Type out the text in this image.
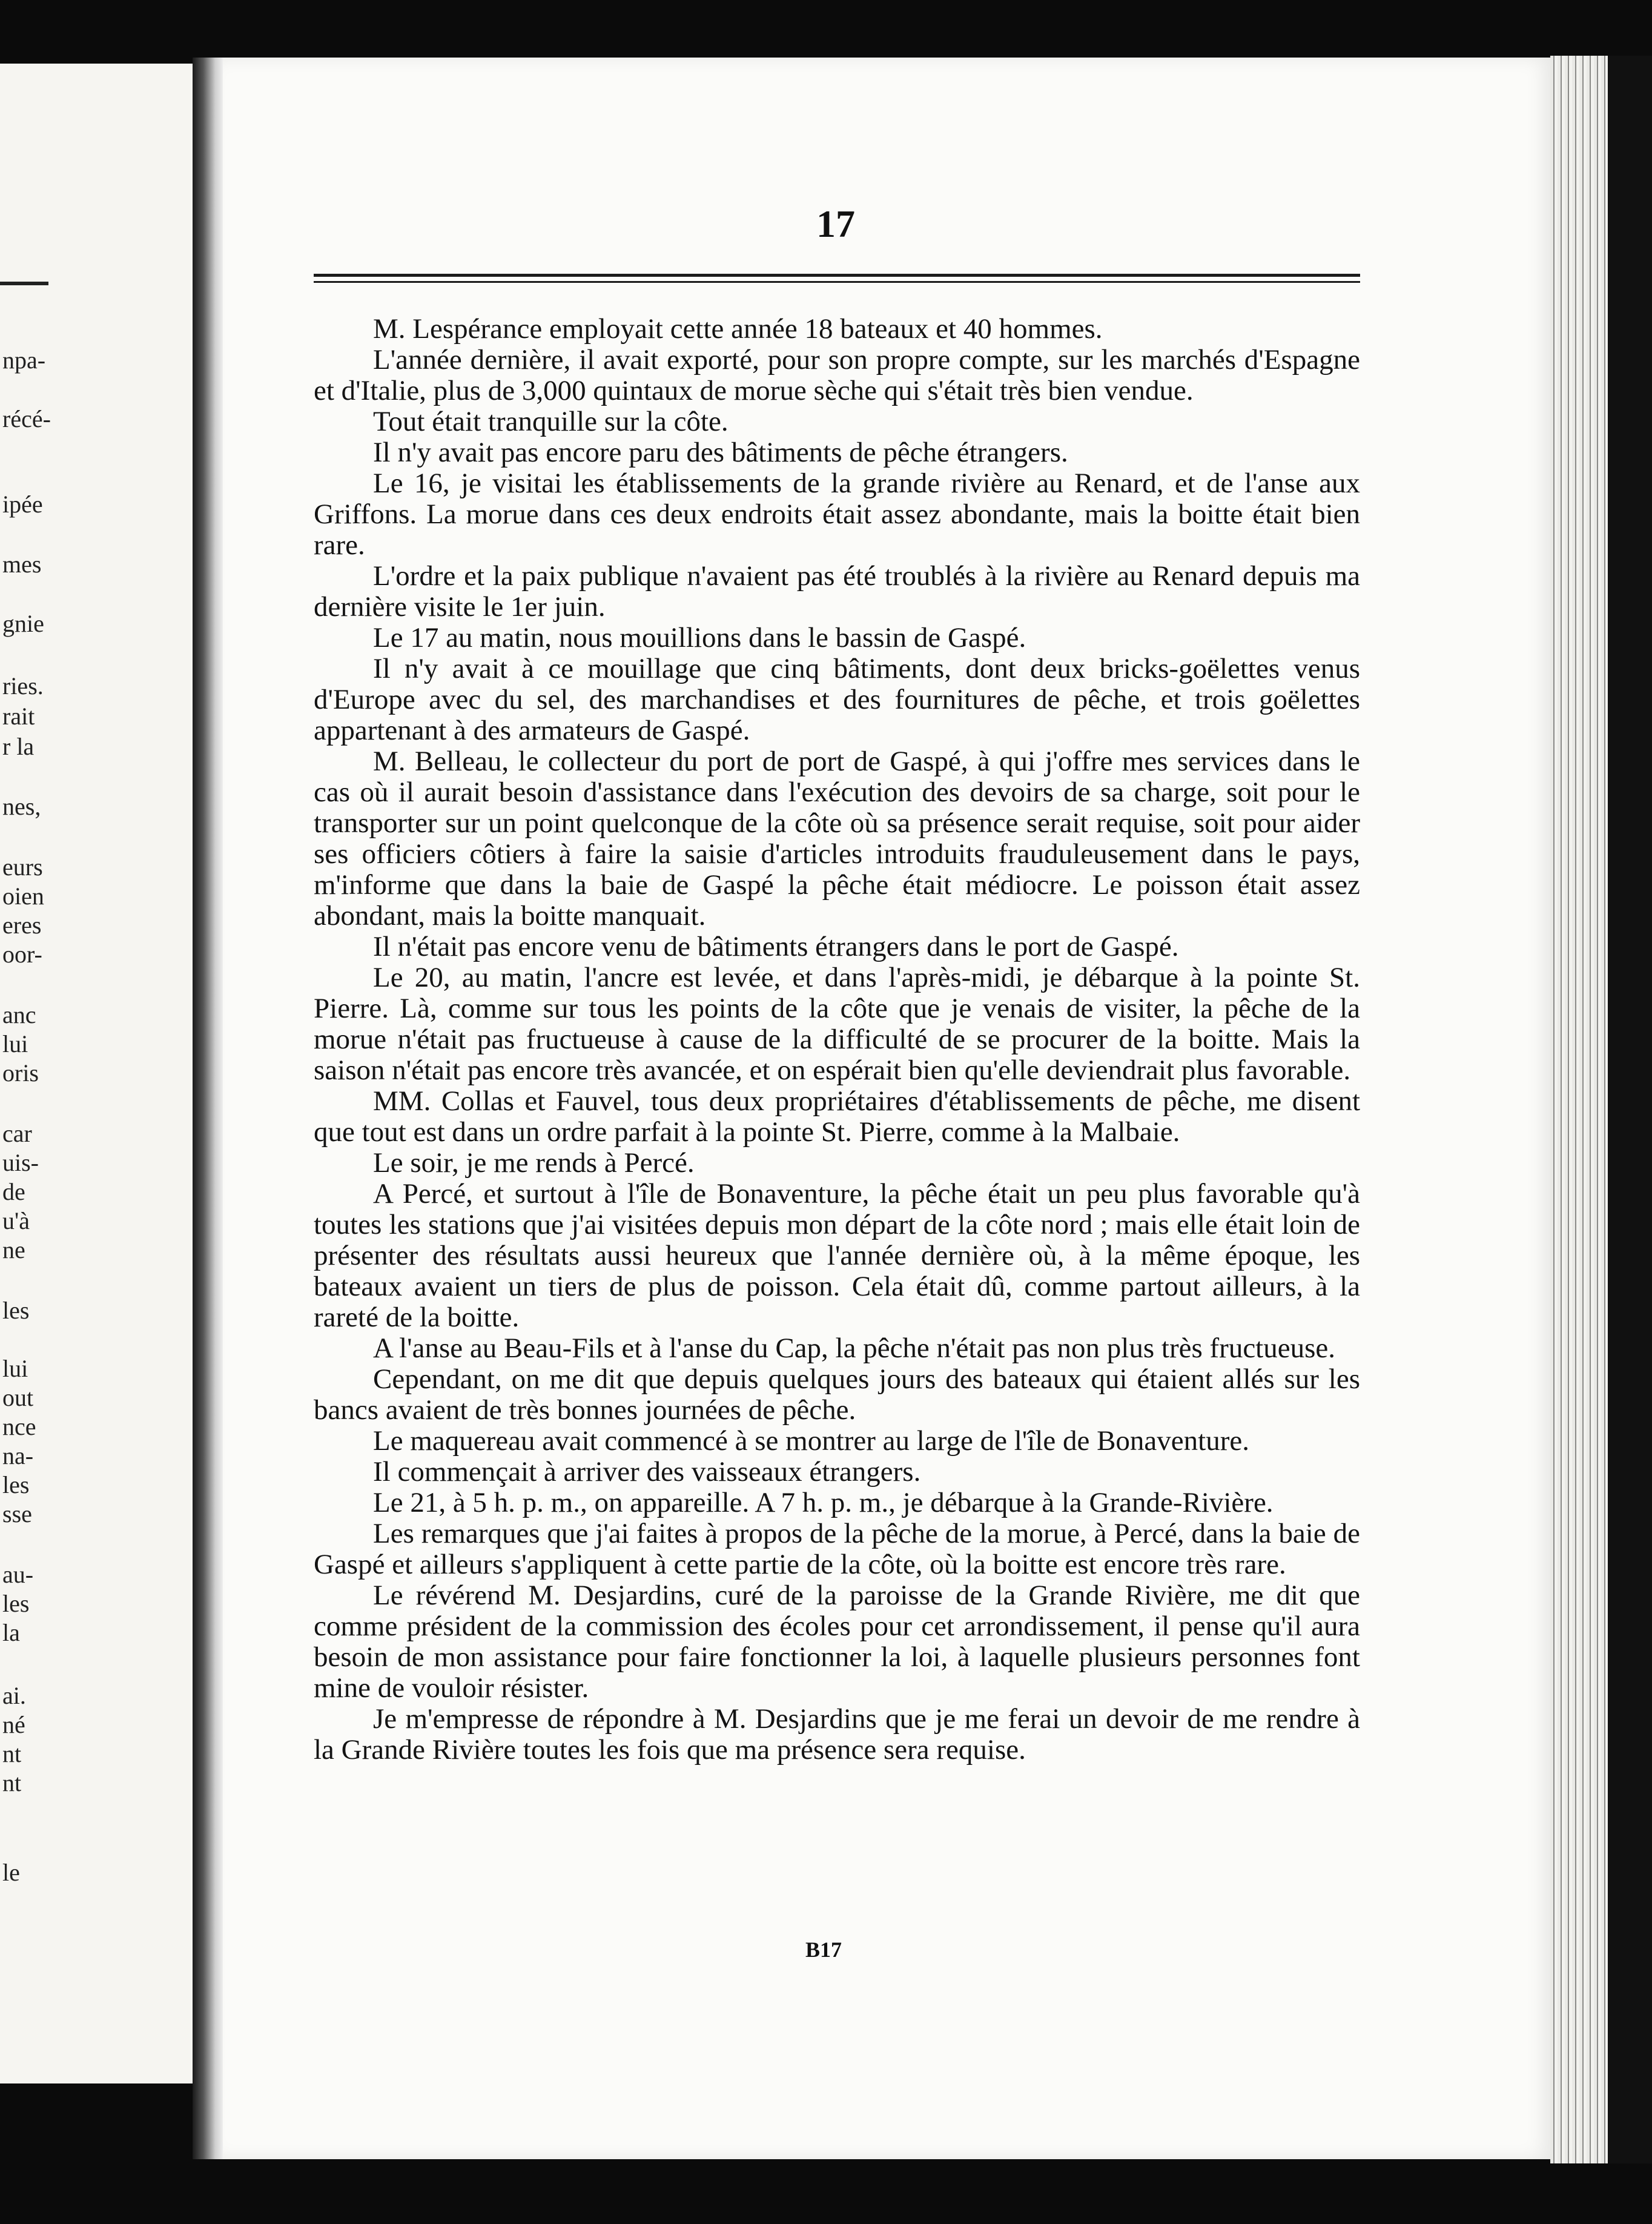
npa-
récé-
ipée
mes
gnie
ries.
rait
r la
nes,
eurs
oien
eres
oor-
anc
lui
oris
car
uis-
de
u'à
ne
les
lui
out
nce
na-
les
sse
au-
les
la
ai.
né
nt
nt
le
17

M. Lespérance employait cette année 18 bateaux et 40 hommes.

L'année dernière, il avait exporté, pour son propre compte, sur les marchés d'Espagne et d'Italie, plus de 3,000 quintaux de morue sèche qui s'était très bien vendue.

Tout était tranquille sur la côte.

Il n'y avait pas encore paru des bâtiments de pêche étrangers.

Le 16, je visitai les établissements de la grande rivière au Renard, et de l'anse aux Griffons. La morue dans ces deux endroits était assez abondante, mais la boitte était bien rare.

L'ordre et la paix publique n'avaient pas été troublés à la rivière au Renard depuis ma dernière visite le 1er juin.

Le 17 au matin, nous mouillions dans le bassin de Gaspé.

Il n'y avait à ce mouillage que cinq bâtiments, dont deux bricks-goëlettes venus d'Europe avec du sel, des marchandises et des fournitures de pêche, et trois goëlettes appartenant à des armateurs de Gaspé.

M. Belleau, le collecteur du port de port de Gaspé, à qui j'offre mes services dans le cas où il aurait besoin d'assistance dans l'exécution des devoirs de sa charge, soit pour le transporter sur un point quelconque de la côte où sa présence serait requise, soit pour aider ses officiers côtiers à faire la saisie d'articles introduits frauduleusement dans le pays, m'informe que dans la baie de Gaspé la pêche était médiocre. Le poisson était assez abondant, mais la boitte manquait.

Il n'était pas encore venu de bâtiments étrangers dans le port de Gaspé.

Le 20, au matin, l'ancre est levée, et dans l'après-midi, je débarque à la pointe St. Pierre. Là, comme sur tous les points de la côte que je venais de visiter, la pêche de la morue n'était pas fructueuse à cause de la difficulté de se procurer de la boitte. Mais la saison n'était pas encore très avancée, et on espérait bien qu'elle deviendrait plus favorable.

MM. Collas et Fauvel, tous deux propriétaires d'établissements de pêche, me disent que tout est dans un ordre parfait à la pointe St. Pierre, comme à la Malbaie.

Le soir, je me rends à Percé.

A Percé, et surtout à l'île de Bonaventure, la pêche était un peu plus favorable qu'à toutes les stations que j'ai visitées depuis mon départ de la côte nord ; mais elle était loin de présenter des résultats aussi heureux que l'année dernière où, à la même époque, les bateaux avaient un tiers de plus de poisson. Cela était dû, comme partout ailleurs, à la rareté de la boitte.

A l'anse au Beau-Fils et à l'anse du Cap, la pêche n'était pas non plus très fructueuse.

Cependant, on me dit que depuis quelques jours des bateaux qui étaient allés sur les bancs avaient de très bonnes journées de pêche.

Le maquereau avait commencé à se montrer au large de l'île de Bonaventure.

Il commençait à arriver des vaisseaux étrangers.

Le 21, à 5 h. p. m., on appareille. A 7 h. p. m., je débarque à la Grande-Rivière.

Les remarques que j'ai faites à propos de la pêche de la morue, à Percé, dans la baie de Gaspé et ailleurs s'appliquent à cette partie de la côte, où la boitte est encore très rare.

Le révérend M. Desjardins, curé de la paroisse de la Grande Rivière, me dit que comme président de la commission des écoles pour cet arrondissement, il pense qu'il aura besoin de mon assistance pour faire fonctionner la loi, à laquelle plusieurs personnes font mine de vouloir résister.

Je m'empresse de répondre à M. Desjardins que je me ferai un devoir de me rendre à la Grande Rivière toutes les fois que ma présence sera requise.

B17
